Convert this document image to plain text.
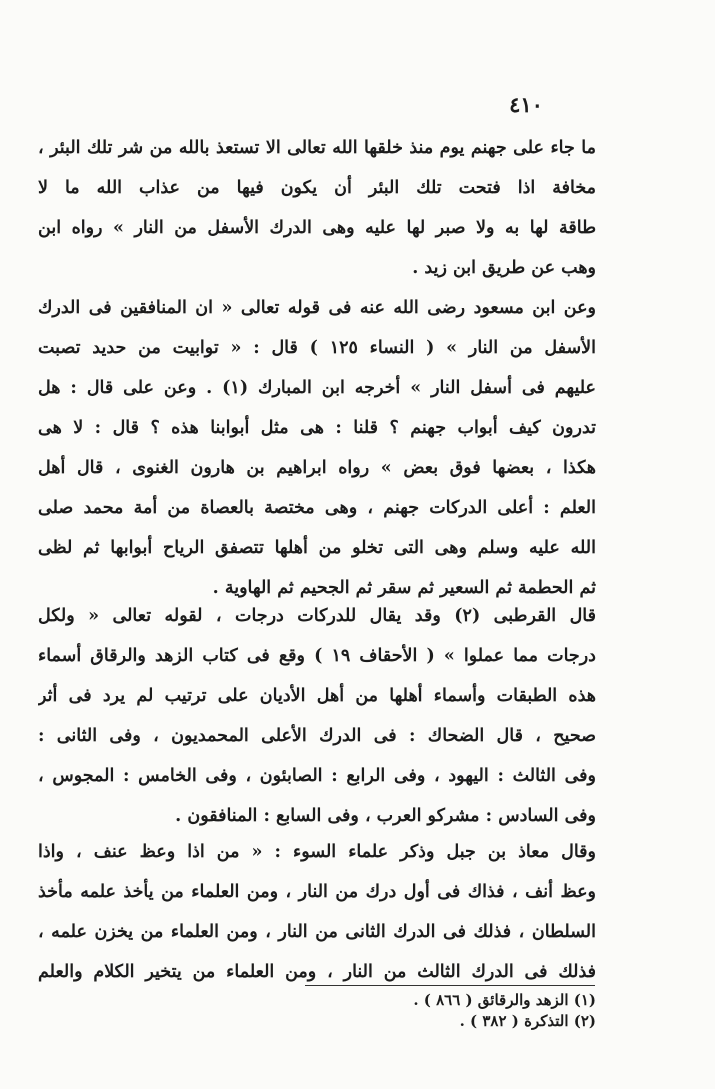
٤١٠
ما جاء على جهنم يوم منذ خلقها الله تعالى الا تستعذ بالله من شر تلك البئر ،
مخافة اذا فتحت تلك البئر أن يكون فيها من عذاب الله ما لا
طاقة لها به ولا صبر لها عليه وهى الدرك الأسفل من النار » رواه ابن
وهب عن طريق ابن زيد .
وعن ابن مسعود رضى الله عنه فى قوله تعالى « ان المنافقين فى الدرك
الأسفل من النار » ( النساء ١٢٥ ) قال : « توابيت من حديد تصبت
عليهم فى أسفل النار » أخرجه ابن المبارك (١) . وعن على قال : هل
تدرون كيف أبواب جهنم ؟ قلنا : هى مثل أبوابنا هذه ؟ قال : لا هى
هكذا ، بعضها فوق بعض » رواه ابراهيم بن هارون الغنوى ، قال أهل
العلم : أعلى الدركات جهنم ، وهى مختصة بالعصاة من أمة محمد صلى
الله عليه وسلم وهى التى تخلو من أهلها تتصفق الرياح أبوابها ثم لظى
ثم الحطمة ثم السعير ثم سقر ثم الجحيم ثم الهاوية .
قال القرطبى (٢) وقد يقال للدركات درجات ، لقوله تعالى « ولكل
درجات مما عملوا » ( الأحقاف ١٩ ) وقع فى كتاب الزهد والرقاق أسماء
هذه الطبقات وأسماء أهلها من أهل الأديان على ترتيب لم يرد فى أثر
صحيح ، قال الضحاك : فى الدرك الأعلى المحمديون ، وفى الثانى :
وفى الثالث : اليهود ، وفى الرابع : الصابئون ، وفى الخامس : المجوس ،
وفى السادس : مشركو العرب ، وفى السابع : المنافقون .
وقال معاذ بن جبل وذكر علماء السوء : « من اذا وعظ عنف ، واذا
وعظ أنف ، فذاك فى أول درك من النار ، ومن العلماء من يأخذ علمه مأخذ
السلطان ، فذلك فى الدرك الثانى من النار ، ومن العلماء من يخزن علمه ،
فذلك فى الدرك الثالث من النار ، ومن العلماء من يتخير الكلام والعلم
(١) الزهد والرقائق ( ٨٦٦ ) .
(٢) التذكرة ( ٣٨٢ ) .
